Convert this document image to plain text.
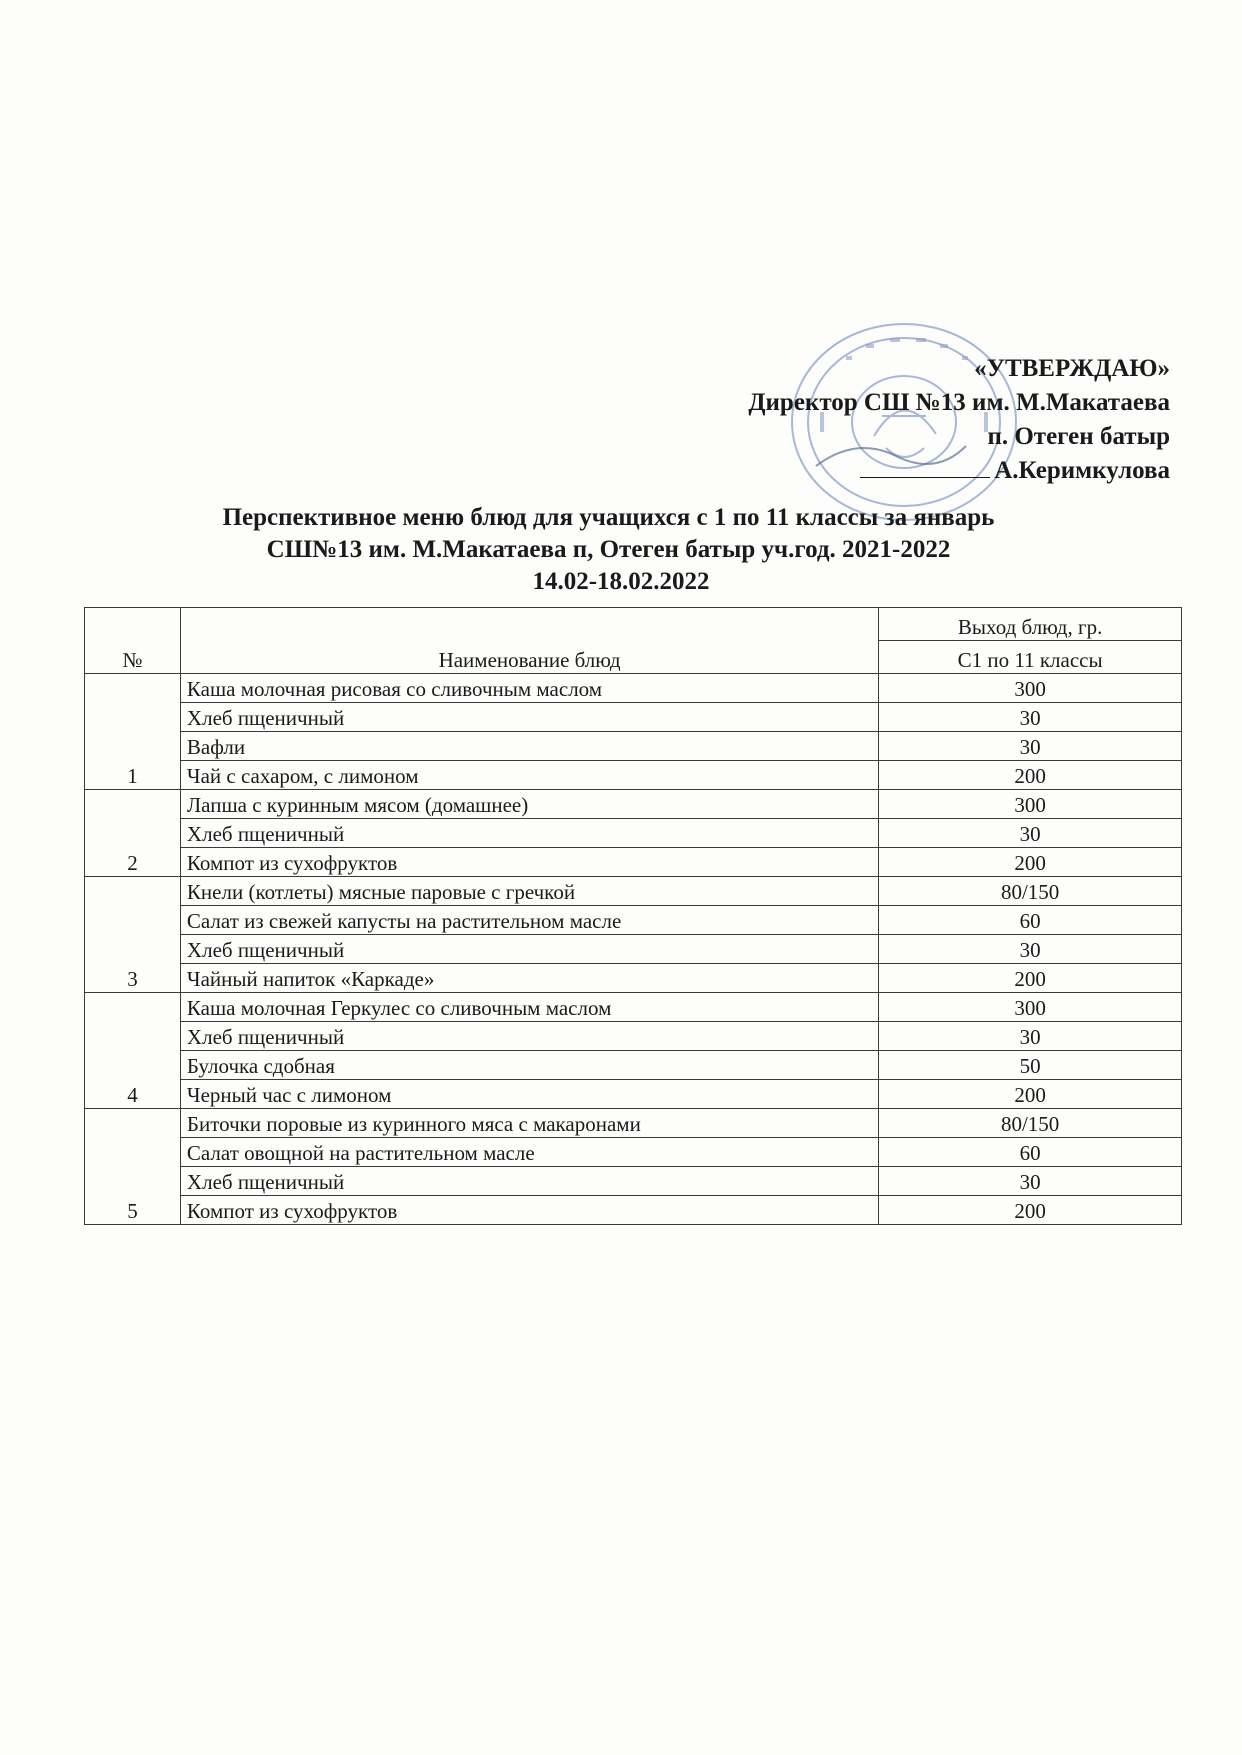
«УТВЕРЖДАЮ»
Директор СШ №13 им. М.Макатаева
п. Отеген батыр
А.Керимкулова
Перспективное меню блюд для учащихся с 1 по 11 классы за январь
СШ№13 им. М.Макатаева п, Отеген батыр уч.год. 2021-2022
14.02-18.02.2022
№	Наименование блюд	Выход блюд, гр.
		С1 по 11 классы
1	Каша молочная рисовая со сливочным маслом	300
	Хлеб пщеничный	30
	Вафли	30
	Чай с сахаром, с лимоном	200
2	Лапша с куринным мясом (домашнее)	300
	Хлеб пщеничный	30
	Компот из сухофруктов	200
3	Кнели (котлеты) мясные паровые с гречкой	80/150
	Салат из свежей капусты на растительном масле	60
	Хлеб пщеничный	30
	Чайный напиток «Каркаде»	200
4	Каша молочная Геркулес со сливочным маслом	300
	Хлеб пщеничный	30
	Булочка сдобная	50
	Черный час с лимоном	200
5	Биточки поровые из куринного мяса с макаронами	80/150
	Салат овощной на растительном масле	60
	Хлеб пщеничный	30
	Компот из сухофруктов	200
